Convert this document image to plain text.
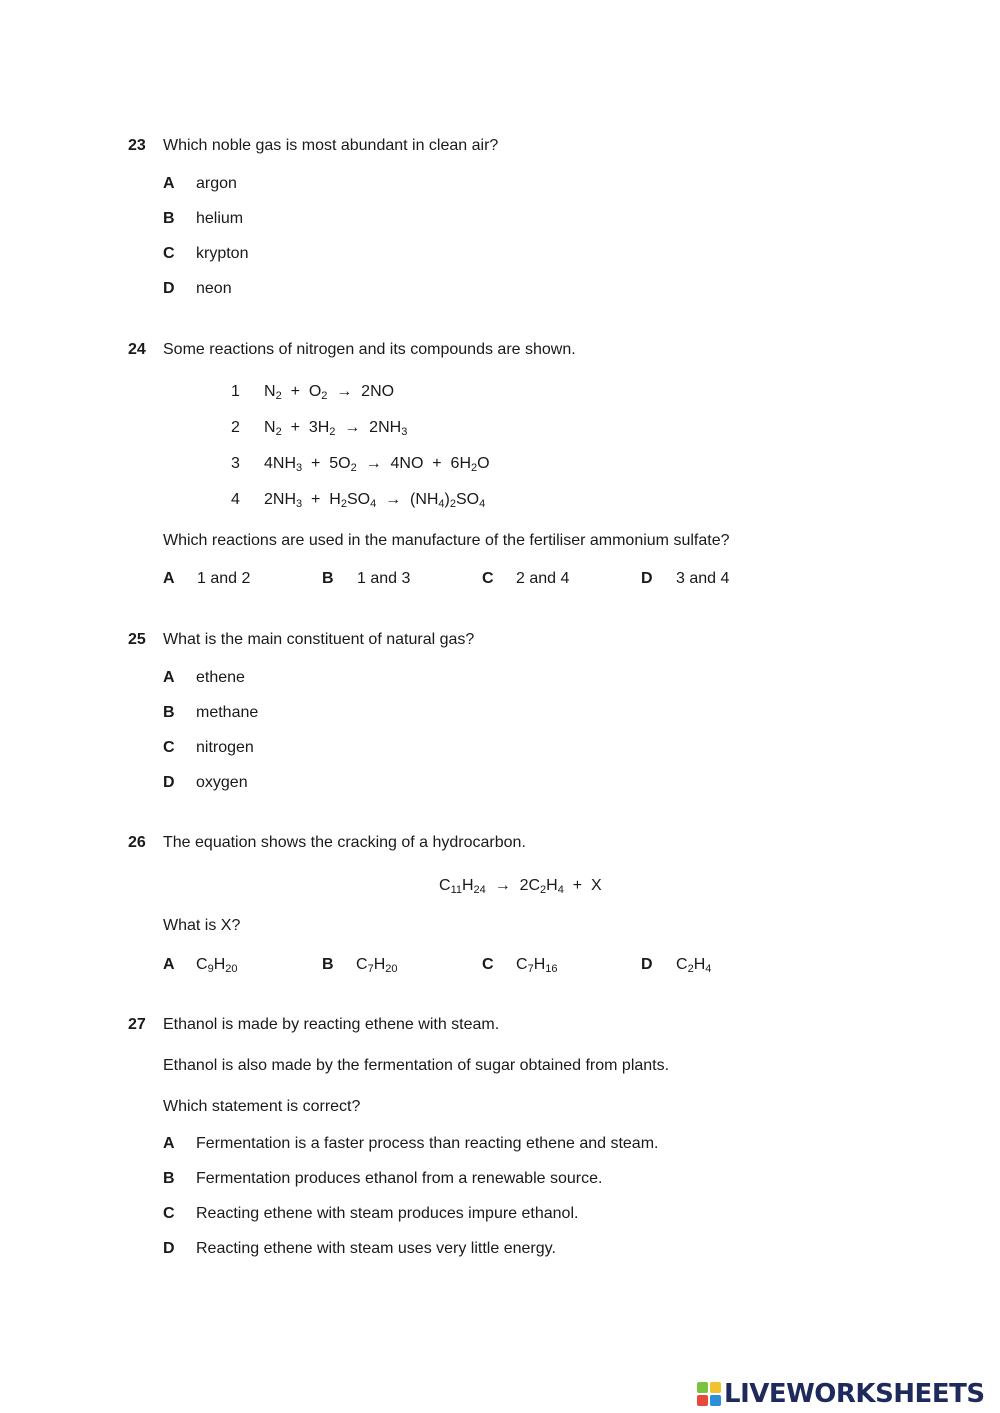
23 Which noble gas is most abundant in clean air?
A argon
B helium
C krypton
D neon
24 Some reactions of nitrogen and its compounds are shown.
1 $N_2 + O_2 \to 2NO$
2 $N_2 + 3H_2 \to 2NH_3$
3 $4NH_3 + 5O_2 \to 4NO + 6H_2O$
4 $2NH_3 + H_2SO_4 \to (NH_4)_2SO_4$
Which reactions are used in the manufacture of the fertiliser ammonium sulfate?
A 1 and 2	B 1 and 3	C 2 and 4	D 3 and 4
25 What is the main constituent of natural gas?
A ethene
B methane
C nitrogen
D oxygen
26 The equation shows the cracking of a hydrocarbon.
$C_{11}H_{24} \to 2C_2H_4 + X$
What is X?
A $C_9H_{20}$	B $C_7H_{20}$	C $C_7H_{16}$	D $C_2H_4$
27 Ethanol is made by reacting ethene with steam.
Ethanol is also made by the fermentation of sugar obtained from plants.
Which statement is correct?
A Fermentation is a faster process than reacting ethene and steam.
B Fermentation produces ethanol from a renewable source.
C Reacting ethene with steam produces impure ethanol.
D Reacting ethene with steam uses very little energy.
LIVEWORKSHEETS
